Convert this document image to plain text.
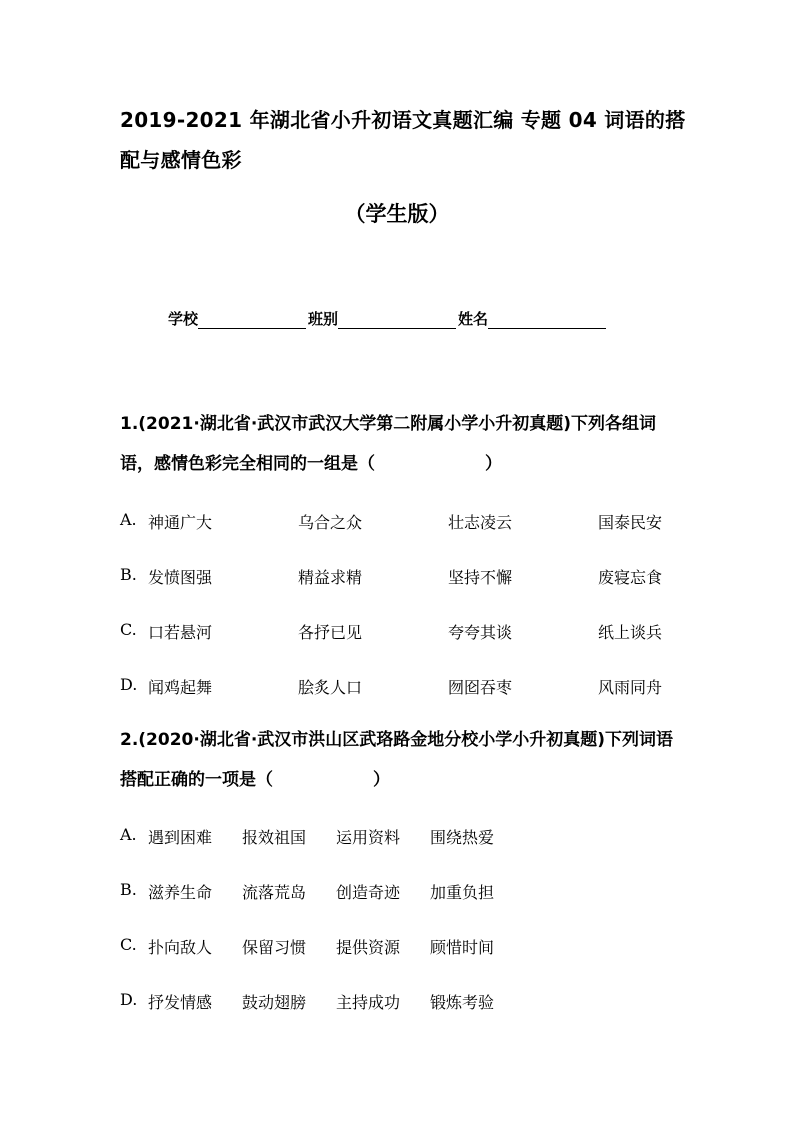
2019-2021 年湖北省小升初语文真题汇编 专题 04 词语的搭配与感情色彩
（学生版）
学校	班别	姓名
1.(2021·湖北省·武汉市武汉大学第二附属小学小升初真题)下列各组词语，感情色彩完全相同的一组是（	）
A. 神通广大	乌合之众	壮志凌云	国泰民安
B. 发愤图强	精益求精	坚持不懈	废寝忘食
C. 口若悬河	各抒已见	夸夸其谈	纸上谈兵
D. 闻鸡起舞	脍炙人口	囫囵吞枣	风雨同舟
2.(2020·湖北省·武汉市洪山区武珞路金地分校小学小升初真题)下列词语搭配正确的一项是（	）
A. 遇到困难 报效祖国 运用资料 围绕热爱
B. 滋养生命 流落荒岛 创造奇迹 加重负担
C. 扑向敌人 保留习惯 提供资源 顾惜时间
D. 抒发情感 鼓动翅膀 主持成功 锻炼考验
